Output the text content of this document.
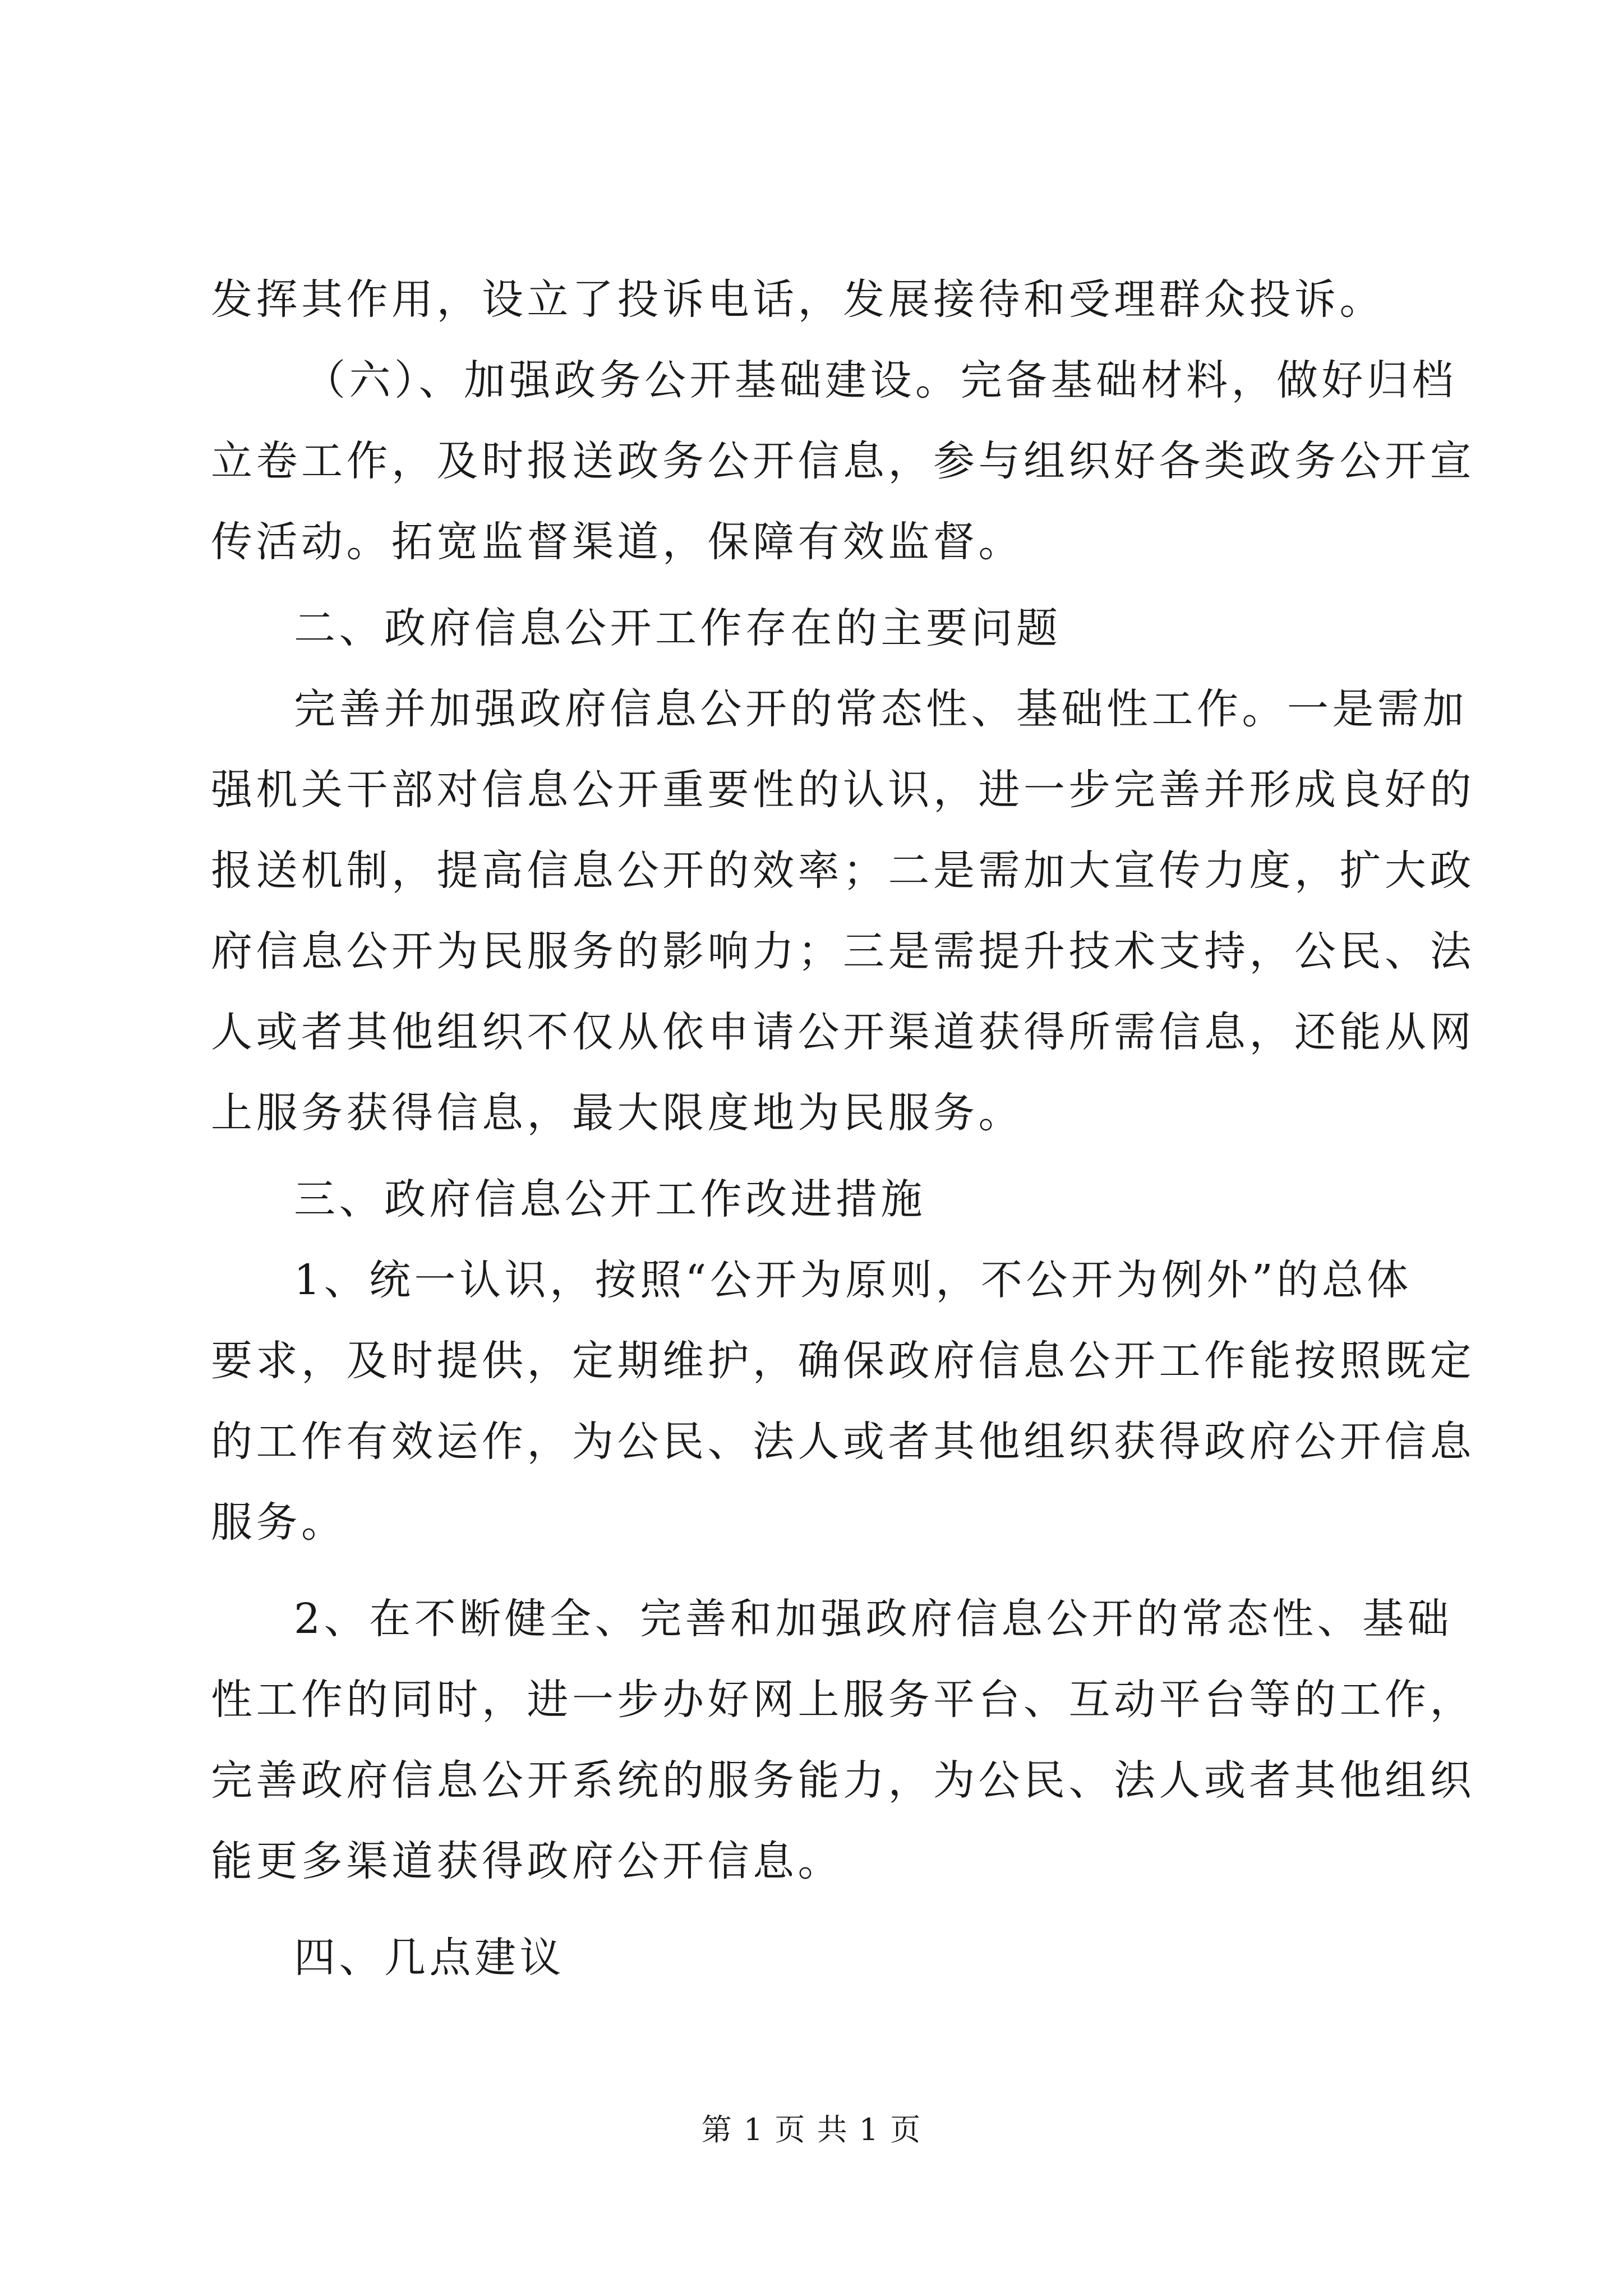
发挥其作用，设立了投诉电话，发展接待和受理群众投诉。
（六）、加强政务公开基础建设。完备基础材料，做好归档
立卷工作，及时报送政务公开信息，参与组织好各类政务公开宣
传活动。拓宽监督渠道，保障有效监督。
二、政府信息公开工作存在的主要问题
完善并加强政府信息公开的常态性、基础性工作。一是需加
强机关干部对信息公开重要性的认识，进一步完善并形成良好的
报送机制，提高信息公开的效率；二是需加大宣传力度，扩大政
府信息公开为民服务的影响力；三是需提升技术支持，公民、法
人或者其他组织不仅从依申请公开渠道获得所需信息，还能从网
上服务获得信息，最大限度地为民服务。
三、政府信息公开工作改进措施
1、统一认识，按照“公开为原则，不公开为例外”的总体
要求，及时提供，定期维护，确保政府信息公开工作能按照既定
的工作有效运作，为公民、法人或者其他组织获得政府公开信息
服务。
2、在不断健全、完善和加强政府信息公开的常态性、基础
性工作的同时，进一步办好网上服务平台、互动平台等的工作，
完善政府信息公开系统的服务能力，为公民、法人或者其他组织
能更多渠道获得政府公开信息。
四、几点建议
第 1 页 共 1 页
